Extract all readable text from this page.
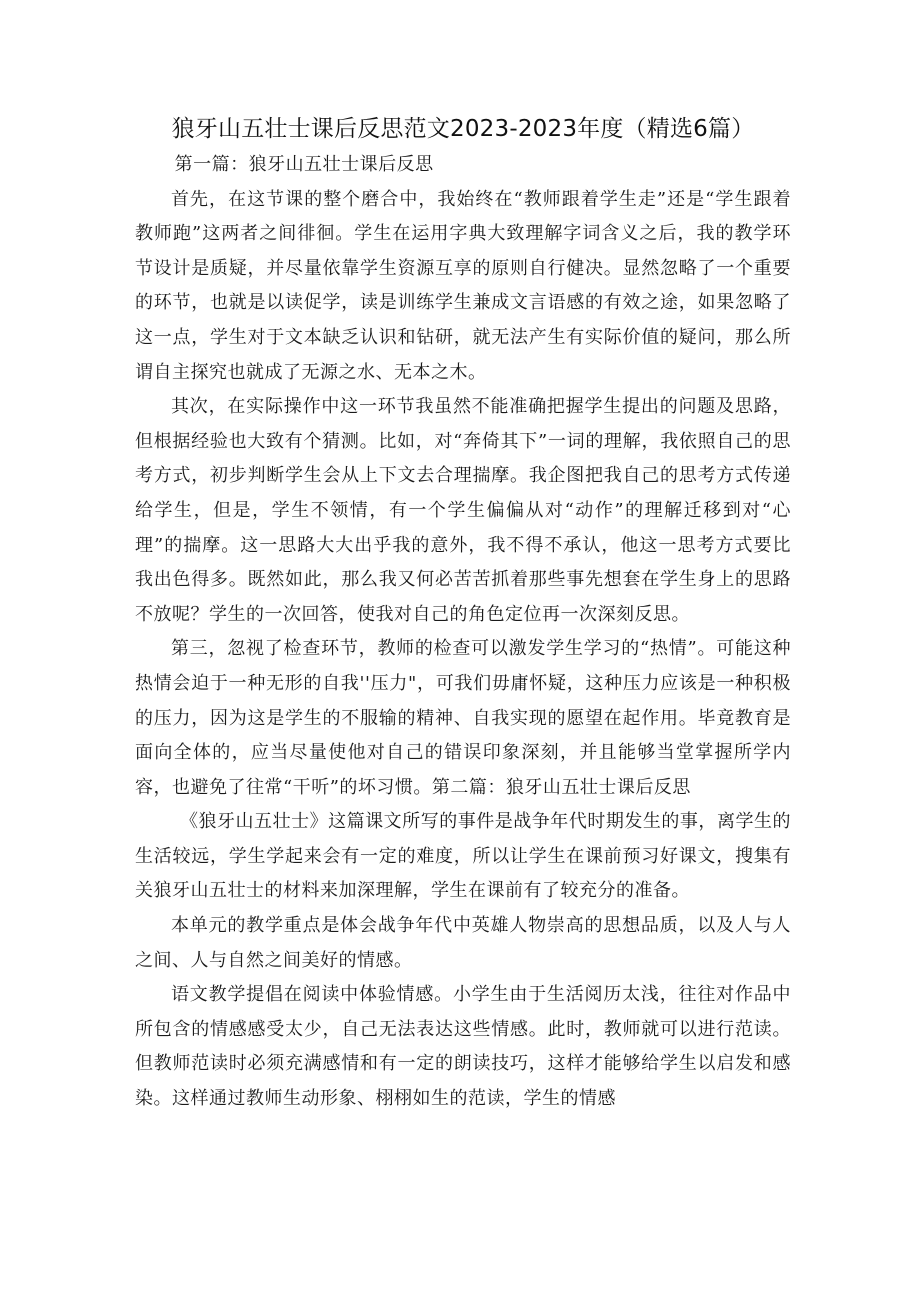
狼牙山五壮士课后反思范文2023-2023年度（精选6篇）

第一篇：狼牙山五壮士课后反思

首先，在这节课的整个磨合中，我始终在“教师跟着学生走”还是“学生跟着教师跑”这两者之间徘徊。学生在运用字典大致理解字词含义之后，我的教学环节设计是质疑，并尽量依靠学生资源互享的原则自行健决。显然忽略了一个重要的环节，也就是以读促学，读是训练学生兼成文言语感的有效之途，如果忽略了这一点，学生对于文本缺乏认识和钻研，就无法产生有实际价值的疑问，那么所谓自主探究也就成了无源之水、无本之木。

其次，在实际操作中这一环节我虽然不能准确把握学生提出的问题及思路，但根据经验也大致有个猜测。比如，对“奔倚其下”一词的理解，我依照自己的思考方式，初步判断学生会从上下文去合理揣摩。我企图把我自己的思考方式传递给学生，但是，学生不领情，有一个学生偏偏从对“动作”的理解迁移到对“心理”的揣摩。这一思路大大出乎我的意外，我不得不承认，他这一思考方式要比我出色得多。既然如此，那么我又何必苦苦抓着那些事先想套在学生身上的思路不放呢？学生的一次回答，使我对自己的角色定位再一次深刻反思。

第三，忽视了检查环节，教师的检查可以激发学生学习的“热情”。可能这种热情会迫于一种无形的自我''压力"，可我们毋庸怀疑，这种压力应该是一种积极的压力，因为这是学生的不服输的精神、自我实现的愿望在起作用。毕竟教育是面向全体的，应当尽量使他对自己的错误印象深刻，并且能够当堂掌握所学内容，也避免了往常“干听”的坏习惯。第二篇：狼牙山五壮士课后反思

《狼牙山五壮士》这篇课文所写的事件是战争年代时期发生的事，离学生的生活较远，学生学起来会有一定的难度，所以让学生在课前预习好课文，搜集有关狼牙山五壮士的材料来加深理解，学生在课前有了较充分的准备。

本单元的教学重点是体会战争年代中英雄人物崇高的思想品质，以及人与人之间、人与自然之间美好的情感。

语文教学提倡在阅读中体验情感。小学生由于生活阅历太浅，往往对作品中所包含的情感感受太少，自己无法表达这些情感。此时，教师就可以进行范读。但教师范读时必须充满感情和有一定的朗读技巧，这样才能够给学生以启发和感染。这样通过教师生动形象、栩栩如生的范读，学生的情感
